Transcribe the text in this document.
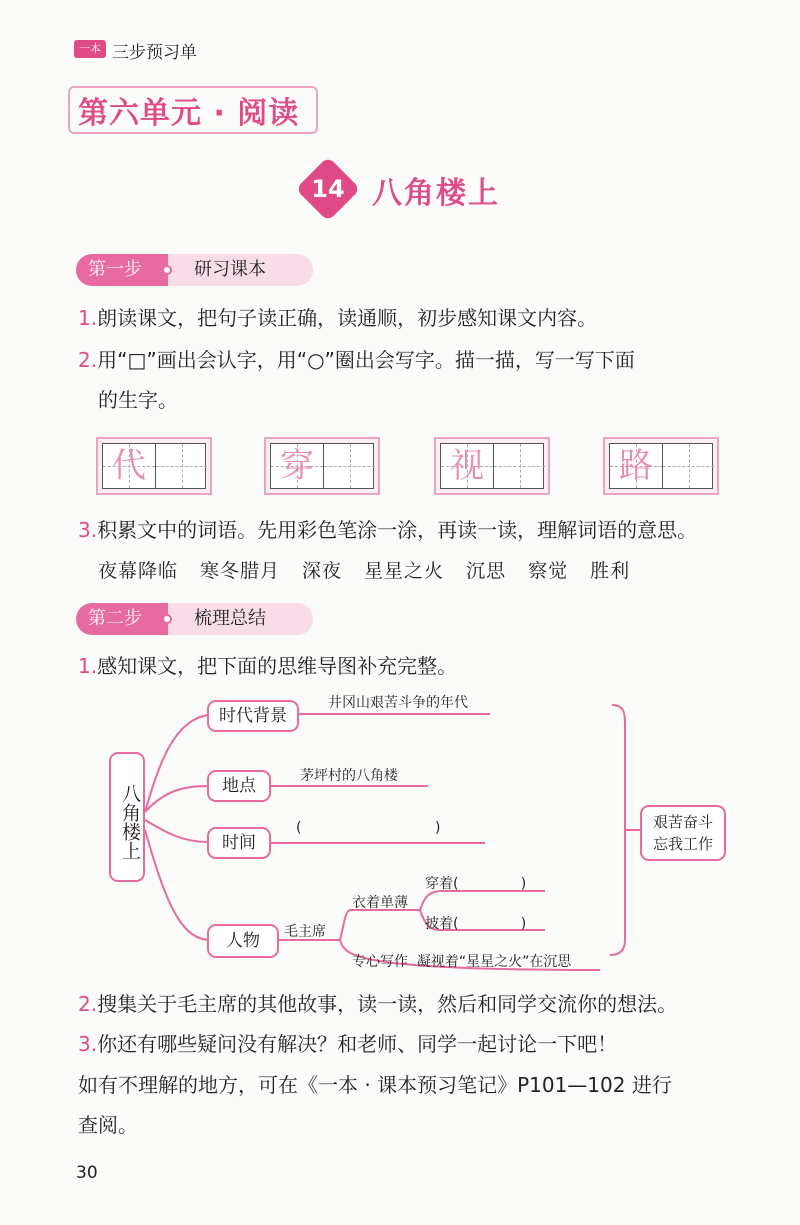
一本 三步预习单
第六单元 · 阅读
14 八角楼上
第一步	研习课本
1.朗读课文，把句子读正确，读通顺，初步感知课文内容。
2.用“□”画出会认字，用“○”圈出会写字。描一描，写一写下面
的生字。
代	穿	视	路
3.积累文中的词语。先用彩色笔涂一涂，再读一读，理解词语的意思。
夜幕降临 寒冬腊月 深夜 星星之火 沉思 察觉 胜利
第二步	梳理总结
1.感知课文，把下面的思维导图补充完整。
八角楼上
时代背景
井冈山艰苦斗争的年代
地点	茅坪村的八角楼
时间
(                              )
人物	毛主席
衣着单薄
穿着(              )
披着(              )
专心写作  凝视着“星星之火”在沉思
艰苦奋斗
忘我工作
2.搜集关于毛主席的其他故事，读一读，然后和同学交流你的想法。
3.你还有哪些疑问没有解决？和老师、同学一起讨论一下吧！
如有不理解的地方，可在《一本 · 课本预习笔记》P101—102 进行
查阅。
30
